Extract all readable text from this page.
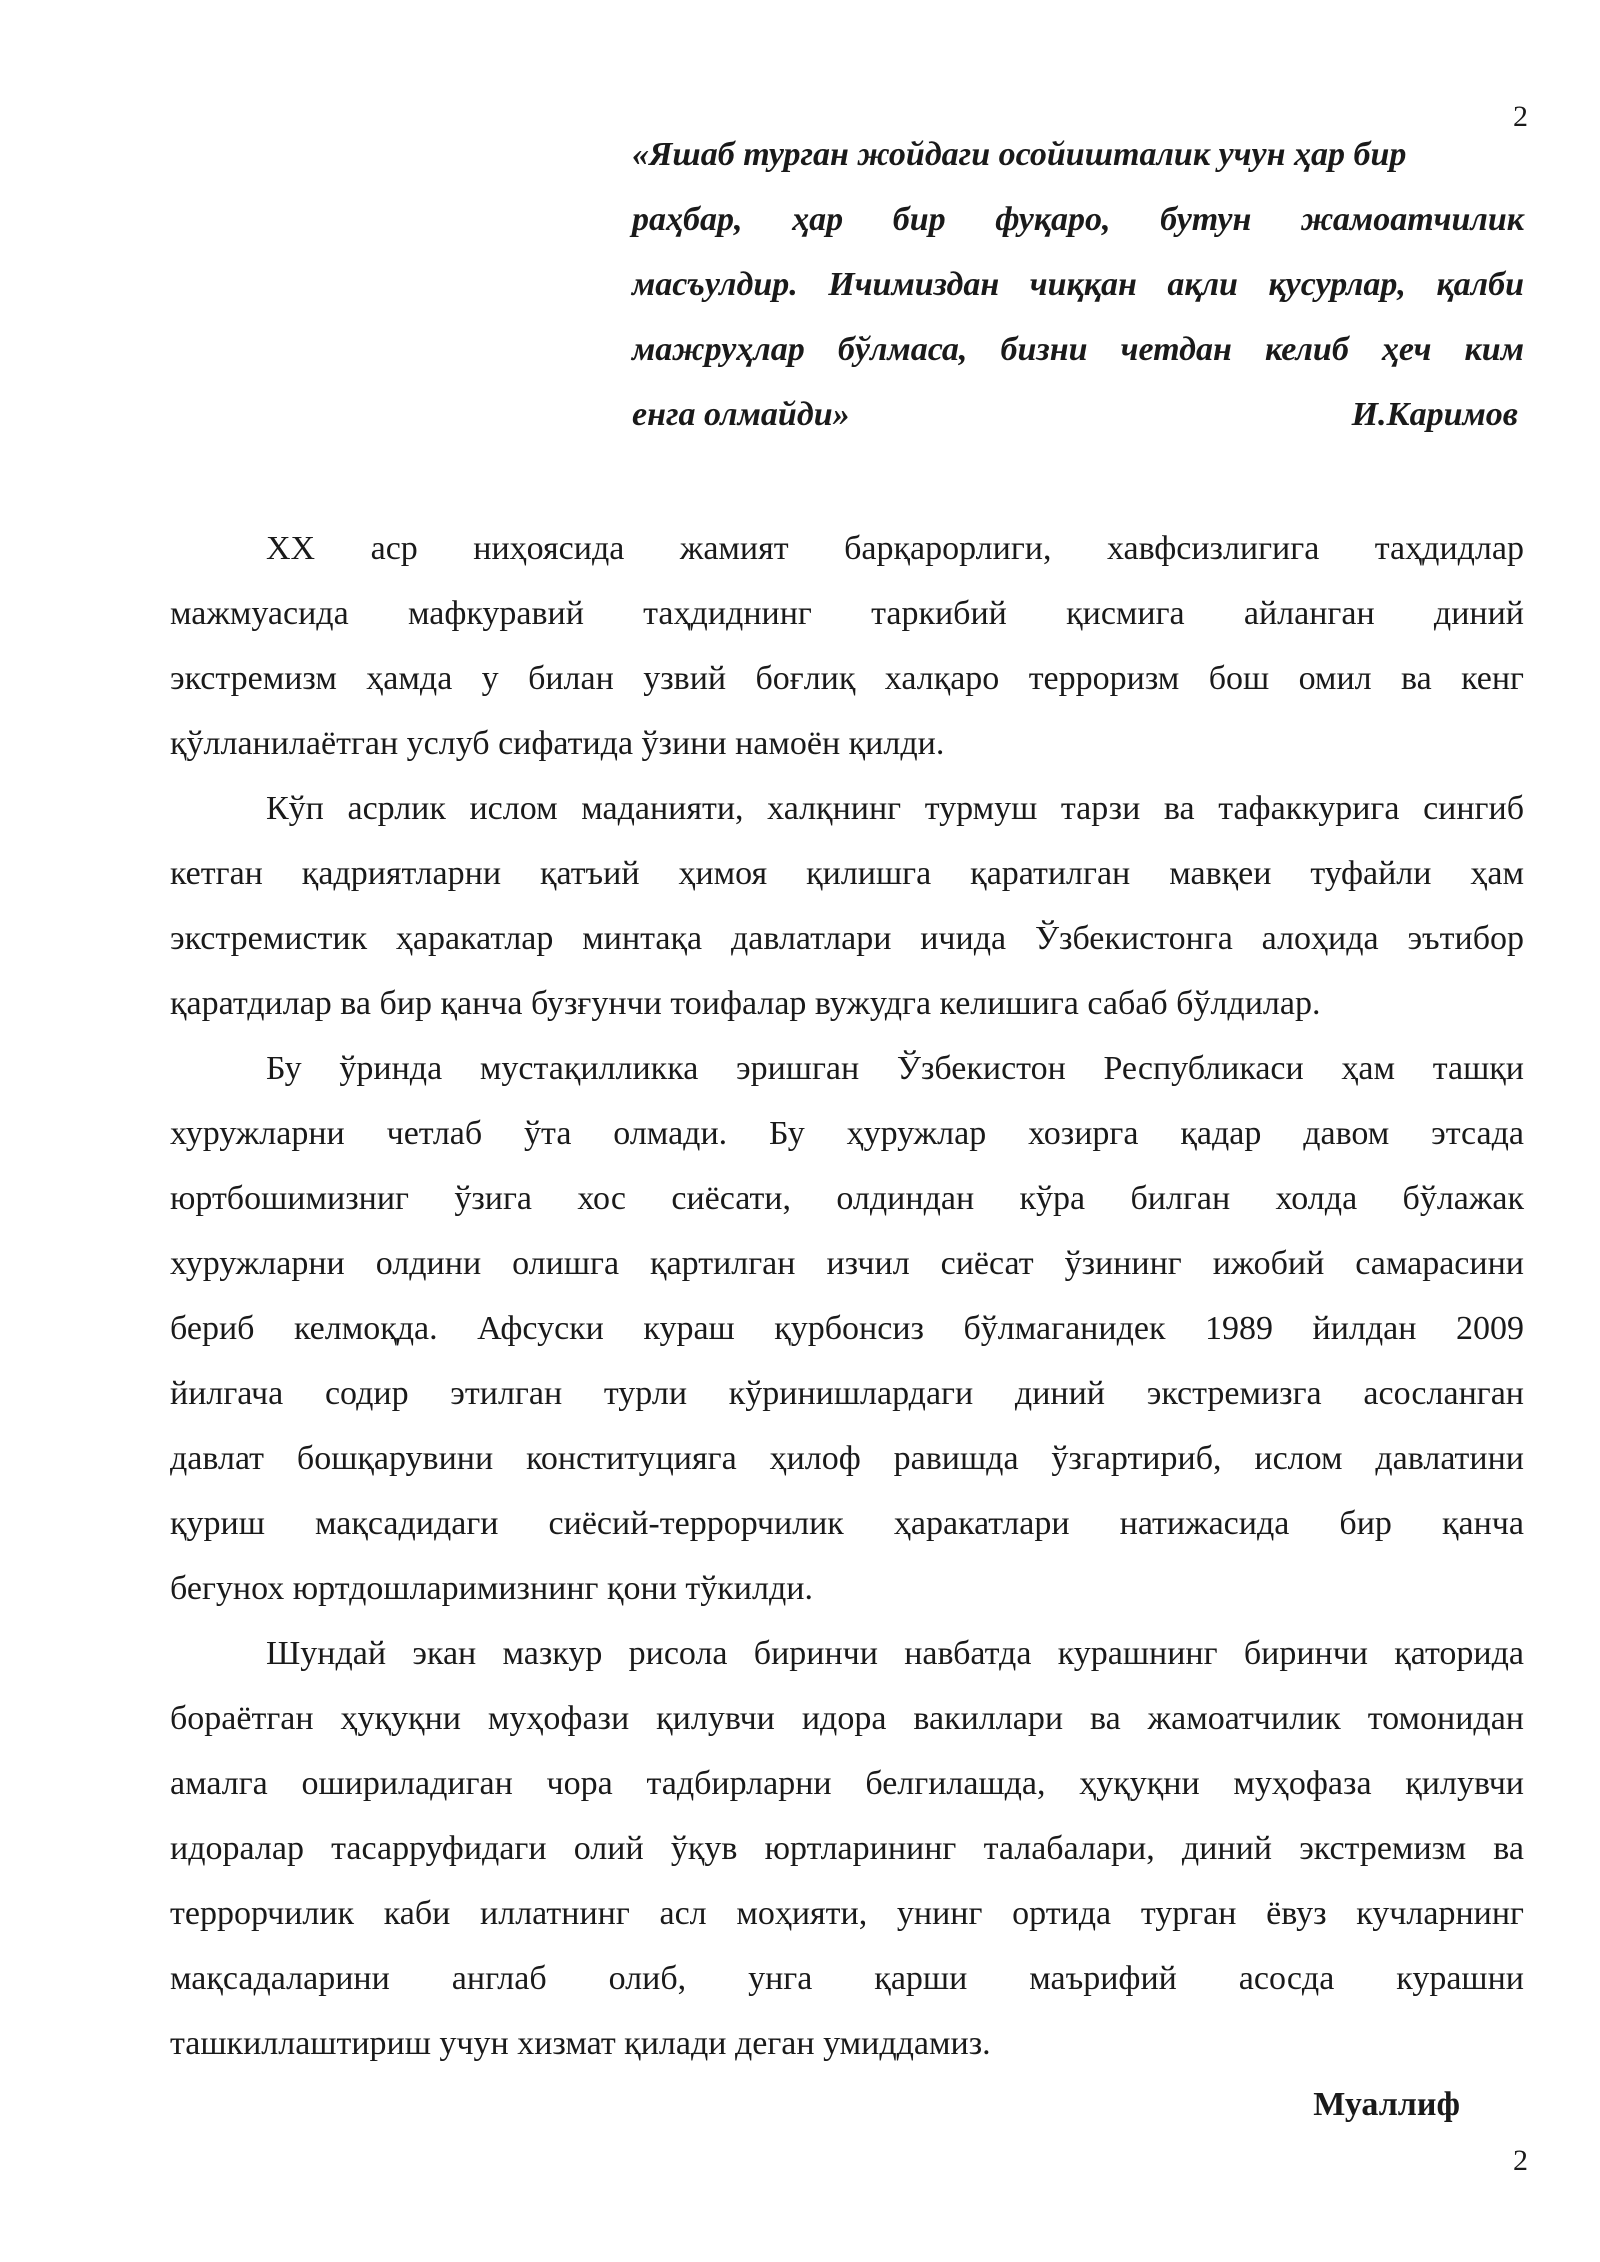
2
«Яшаб турган жойдаги осойишталик учун ҳар бир
раҳбар, ҳар бир фуқаро, бутун жамоатчилик
масъулдир. Ичимиздан чиққан ақли қусурлар, қалби
мажруҳлар бўлмаса, бизни четдан келиб ҳеч ким
енга олмайди»	И.Каримов
XX аср ниҳоясида жамият барқарорлиги, хавфсизлигига таҳдидлар
мажмуасида мафкуравий таҳдиднинг таркибий қисмига айланган диний
экстремизм ҳамда у билан узвий боғлиқ халқаро терроризм бош омил ва кенг
қўлланилаётган услуб сифатида ўзини намоён қилди.
Кўп асрлик ислом маданияти, халқнинг турмуш тарзи ва тафаккурига сингиб
кетган қадриятларни қатъий ҳимоя қилишга қаратилган мавқеи туфайли ҳам
экстремистик ҳаракатлар минтақа давлатлари ичида Ўзбекистонга алоҳида эътибор
қаратдилар ва бир қанча бузғунчи тоифалар вужудга келишига сабаб бўлдилар.
Бу ўринда мустақилликка эришган Ўзбекистон Республикаси ҳам ташқи
хуружларни четлаб ўта олмади. Бу ҳуружлар хозирга қадар давом этсада
юртбошимизниг ўзига хос сиёсати, олдиндан кўра билган холда бўлажак
хуружларни олдини олишга қартилган изчил сиёсат ўзининг ижобий самарасини
бериб келмоқда. Афсуски кураш қурбонсиз бўлмаганидек 1989 йилдан 2009
йилгача содир этилган турли кўринишлардаги диний экстремизга асосланган
давлат бошқарувини конституцияга ҳилоф равишда ўзгартириб, ислом давлатини
қуриш мақсадидаги сиёсий-террорчилик ҳаракатлари натижасида бир қанча
бегунох юртдошларимизнинг қони тўкилди.
Шундай экан мазкур рисола биринчи навбатда курашнинг биринчи қаторида
бораётган ҳуқуқни муҳофази қилувчи идора вакиллари ва жамоатчилик томонидан
амалга ошириладиган чора тадбирларни белгилашда, ҳуқуқни муҳофаза қилувчи
идоралар тасарруфидаги олий ўқув юртларининг талабалари, диний экстремизм ва
террорчилик каби иллатнинг асл моҳияти, унинг ортида турган ёвуз кучларнинг
мақсадаларини англаб олиб, унга қарши маърифий асосда курашни
ташкиллаштириш учун хизмат қилади деган умиддамиз.
Муаллиф
2
